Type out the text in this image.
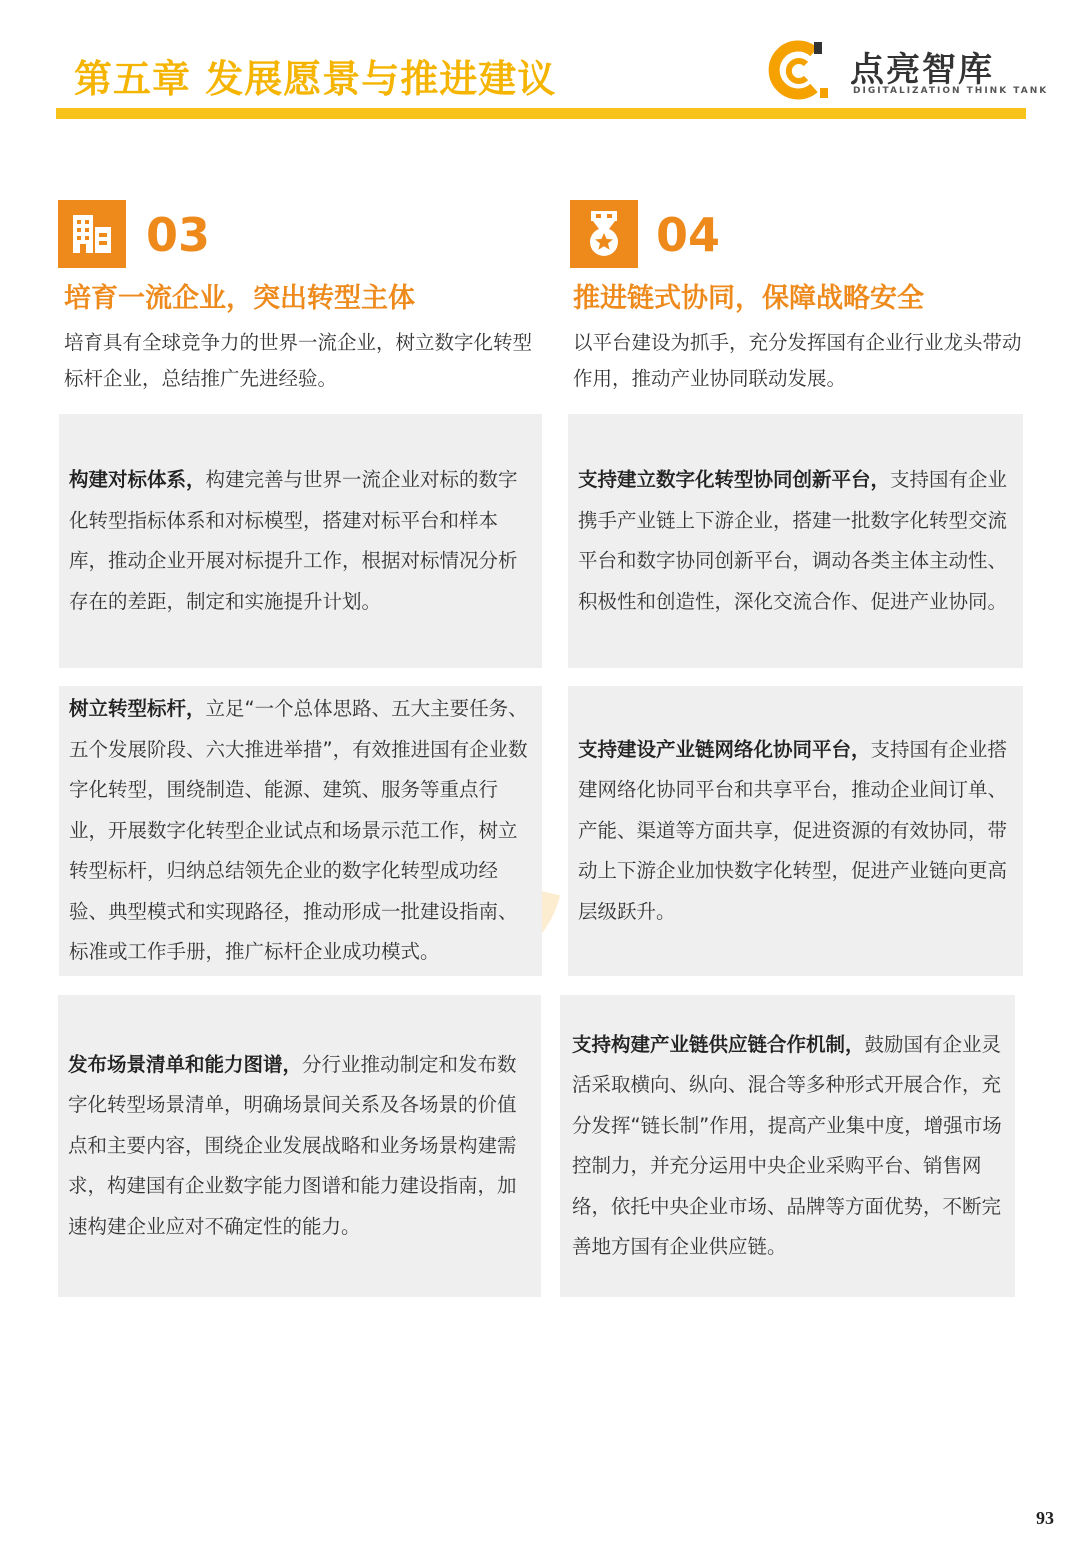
第五章 发展愿景与推进建议	点亮智库
DIGITALIZATION THINK TANK
03
培育一流企业，突出转型主体
培育具有全球竞争力的世界一流企业，树立数字化转型标杆企业，总结推广先进经验。

构建对标体系，构建完善与世界一流企业对标的数字化转型指标体系和对标模型，搭建对标平台和样本库，推动企业开展对标提升工作，根据对标情况分析存在的差距，制定和实施提升计划。

树立转型标杆，立足“一个总体思路、五大主要任务、五个发展阶段、六大推进举措”，有效推进国有企业数字化转型，围绕制造、能源、建筑、服务等重点行业，开展数字化转型企业试点和场景示范工作，树立转型标杆，归纳总结领先企业的数字化转型成功经验、典型模式和实现路径，推动形成一批建设指南、标准或工作手册，推广标杆企业成功模式。

发布场景清单和能力图谱，分行业推动制定和发布数字化转型场景清单，明确场景间关系及各场景的价值点和主要内容，围绕企业发展战略和业务场景构建需求，构建国有企业数字能力图谱和能力建设指南，加速构建企业应对不确定性的能力。

04
推进链式协同，保障战略安全
以平台建设为抓手，充分发挥国有企业行业龙头带动作用，推动产业协同联动发展。

支持建立数字化转型协同创新平台，支持国有企业携手产业链上下游企业，搭建一批数字化转型交流平台和数字协同创新平台，调动各类主体主动性、积极性和创造性，深化交流合作、促进产业协同。

支持建设产业链网络化协同平台，支持国有企业搭建网络化协同平台和共享平台，推动企业间订单、产能、渠道等方面共享，促进资源的有效协同，带动上下游企业加快数字化转型，促进产业链向更高层级跃升。

支持构建产业链供应链合作机制，鼓励国有企业灵活采取横向、纵向、混合等多种形式开展合作，充分发挥“链长制”作用，提高产业集中度，增强市场控制力，并充分运用中央企业采购平台、销售网络，依托中央企业市场、品牌等方面优势，不断完善地方国有企业供应链。

93
